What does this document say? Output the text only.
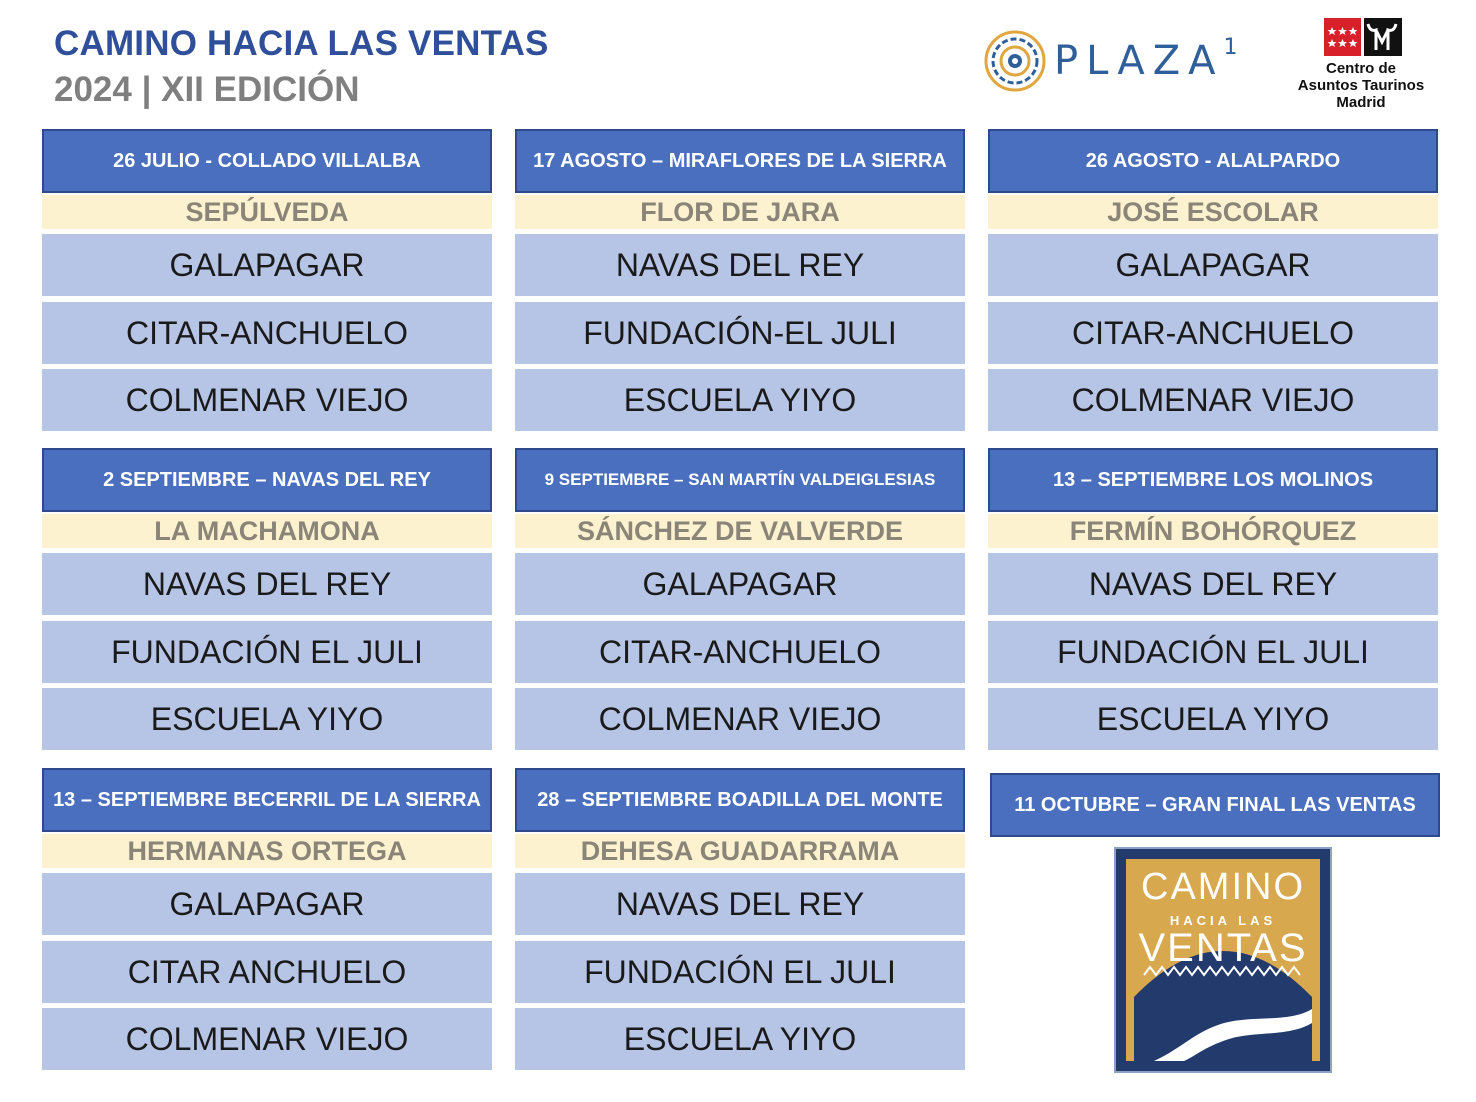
CAMINO HACIA LAS VENTAS
2024 | XII EDICIÓN
PLAZA$^1$
Centro de
Asuntos Taurinos
Madrid
26 JULIO - COLLADO VILLALBA
SEPÚLVEDA
GALAPAGAR
CITAR-ANCHUELO
COLMENAR VIEJO
17 AGOSTO – MIRAFLORES DE LA SIERRA
FLOR DE JARA
NAVAS DEL REY
FUNDACIÓN-EL JULI
ESCUELA YIYO
26 AGOSTO - ALALPARDO
JOSÉ ESCOLAR
GALAPAGAR
CITAR-ANCHUELO
COLMENAR VIEJO
2 SEPTIEMBRE – NAVAS DEL REY
LA MACHAMONA
NAVAS DEL REY
FUNDACIÓN EL JULI
ESCUELA YIYO
9 SEPTIEMBRE – SAN MARTÍN VALDEIGLESIAS
SÁNCHEZ DE VALVERDE
GALAPAGAR
CITAR-ANCHUELO
COLMENAR VIEJO
13 – SEPTIEMBRE LOS MOLINOS
FERMÍN BOHÓRQUEZ
NAVAS DEL REY
FUNDACIÓN EL JULI
ESCUELA YIYO
13 – SEPTIEMBRE BECERRIL DE LA SIERRA
HERMANAS ORTEGA
GALAPAGAR
CITAR ANCHUELO
COLMENAR VIEJO
28 – SEPTIEMBRE BOADILLA DEL MONTE
DEHESA GUADARRAMA
NAVAS DEL REY
FUNDACIÓN EL JULI
ESCUELA YIYO
11 OCTUBRE – GRAN FINAL LAS VENTAS
CAMINO
HACIA LAS
VENTAS
